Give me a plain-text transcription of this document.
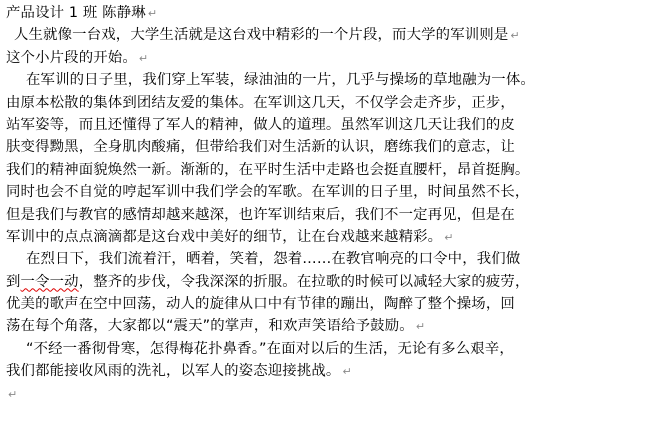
产品设计 1 班 陈静琳 ↵
人生就像一台戏，大学生活就是这台戏中精彩的一个片段，而大学的军训则是 ↵
这个小片段的开始。 ↵
在军训的日子里，我们穿上军装，绿油油的一片，几乎与操场的草地融为一体。
由原本松散的集体到团结友爱的集体。在军训这几天，不仅学会走齐步，正步，
站军姿等，而且还懂得了军人的精神，做人的道理。虽然军训这几天让我们的皮
肤变得黝黑，全身肌肉酸痛，但带给我们对生活新的认识，磨练我们的意志，让
我们的精神面貌焕然一新。渐渐的，在平时生活中走路也会挺直腰杆，昂首挺胸。
同时也会不自觉的哼起军训中我们学会的军歌。在军训的日子里，时间虽然不长，
但是我们与教官的感情却越来越深，也许军训结束后，我们不一定再见，但是在
军训中的点点滴滴都是这台戏中美好的细节，让在台戏越来越精彩。 ↵
在烈日下，我们流着汗，晒着，笑着，怨着……在教官响亮的口令中，我们做
到一令一动，整齐的步伐，令我深深的折服。在拉歌的时候可以减轻大家的疲劳，
优美的歌声在空中回荡，动人的旋律从口中有节律的蹦出，陶醉了整个操场，回
荡在每个角落，大家都以“震天”的掌声，和欢声笑语给予鼓励。 ↵
“不经一番彻骨寒，怎得梅花扑鼻香。”在面对以后的生活，无论有多么艰辛，
我们都能接收风雨的洗礼，以军人的姿态迎接挑战。 ↵
↵
